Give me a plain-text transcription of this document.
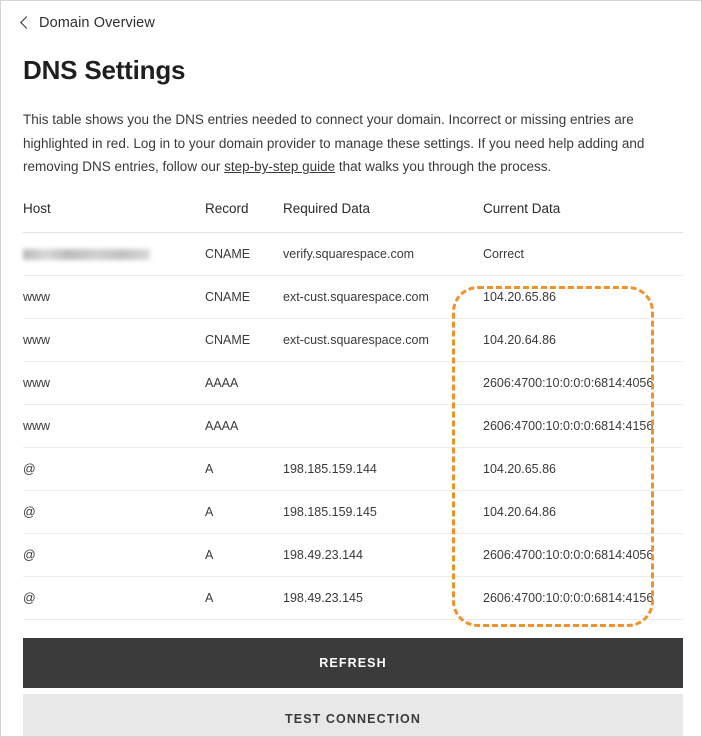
Domain Overview
DNS Settings
This table shows you the DNS entries needed to connect your domain. Incorrect or missing entries are highlighted in red. Log in to your domain provider to manage these settings. If you need help adding and removing DNS entries, follow our step-by-step guide that walks you through the process.
Host	Record	Required Data	Current Data
	CNAME	verify.squarespace.com	Correct
www	CNAME	ext-cust.squarespace.com	104.20.65.86
www	CNAME	ext-cust.squarespace.com	104.20.64.86
www	AAAA		2606:4700:10:0:0:0:6814:4056
www	AAAA		2606:4700:10:0:0:0:6814:4156
@	A	198.185.159.144	104.20.65.86
@	A	198.185.159.145	104.20.64.86
@	A	198.49.23.144	2606:4700:10:0:0:0:6814:4056
@	A	198.49.23.145	2606:4700:10:0:0:0:6814:4156
REFRESH
TEST CONNECTION
